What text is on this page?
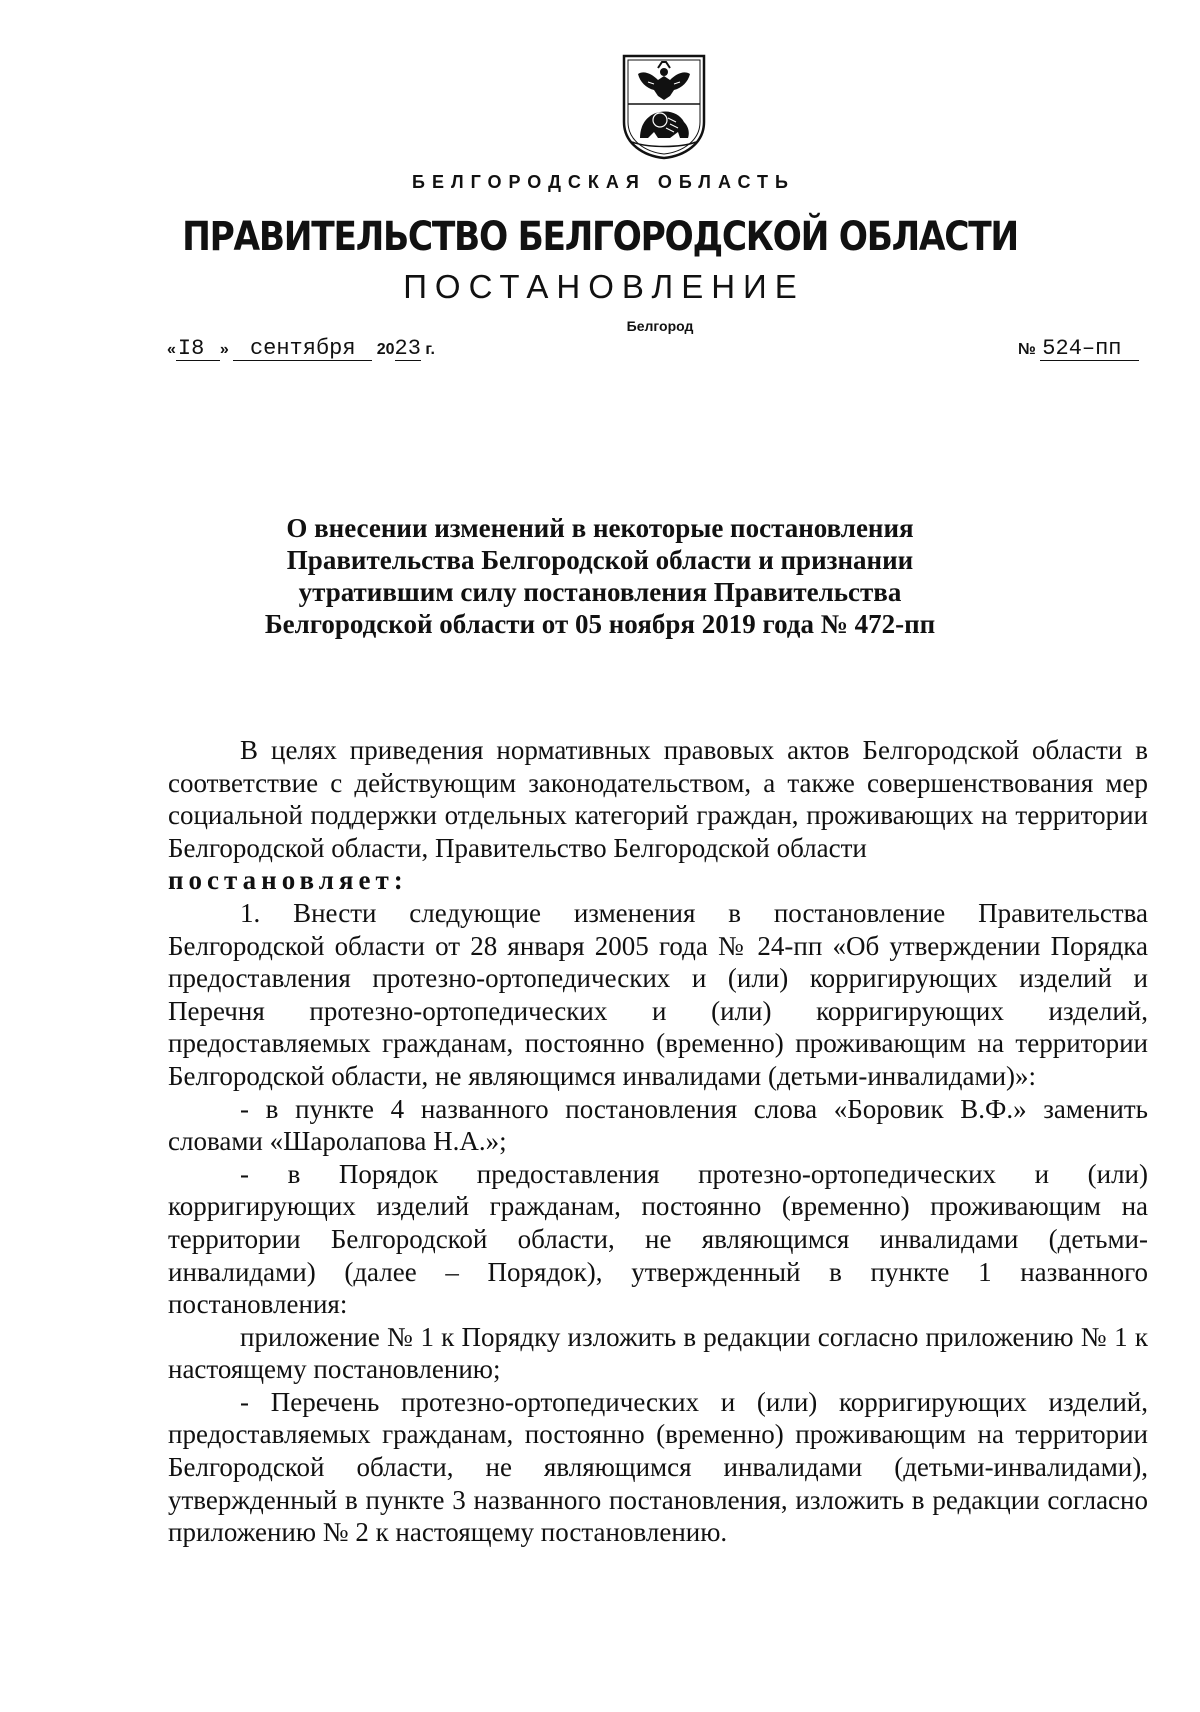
БЕЛГОРОДСКАЯ ОБЛАСТЬ
ПРАВИТЕЛЬСТВО БЕЛГОРОДСКОЙ ОБЛАСТИ
ПОСТАНОВЛЕНИЕ
Белгород
«I8 » сентября 2023 г.	№ 524–пп
О внесении изменений в некоторые постановления
Правительства Белгородской области и признании
утратившим силу постановления Правительства
Белгородской области от 05 ноября 2019 года № 472-пп

В целях приведения нормативных правовых актов Белгородской области в соответствие с действующим законодательством, а также совершенствования мер социальной поддержки отдельных категорий граждан, проживающих на территории Белгородской области, Правительство Белгородской области

постановляет:

1. Внести следующие изменения в постановление Правительства Белгородской области от 28 января 2005 года № 24-пп «Об утверждении Порядка предоставления протезно-ортопедических и (или) корригирующих изделий и Перечня протезно-ортопедических и (или) корригирующих изделий, предоставляемых гражданам, постоянно (временно) проживающим на территории Белгородской области, не являющимся инвалидами (детьми-инвалидами)»:

- в пункте 4 названного постановления слова «Боровик В.Ф.» заменить словами «Шаролапова Н.А.»;

- в Порядок предоставления протезно-ортопедических и (или) корригирующих изделий гражданам, постоянно (временно) проживающим на территории Белгородской области, не являющимся инвалидами (детьми-инвалидами) (далее – Порядок), утвержденный в пункте 1 названного постановления:

приложение № 1 к Порядку изложить в редакции согласно приложению № 1 к настоящему постановлению;

- Перечень протезно-ортопедических и (или) корригирующих изделий, предоставляемых гражданам, постоянно (временно) проживающим на территории Белгородской области, не являющимся инвалидами (детьми-инвалидами), утвержденный в пункте 3 названного постановления, изложить в редакции согласно приложению № 2 к настоящему постановлению.
